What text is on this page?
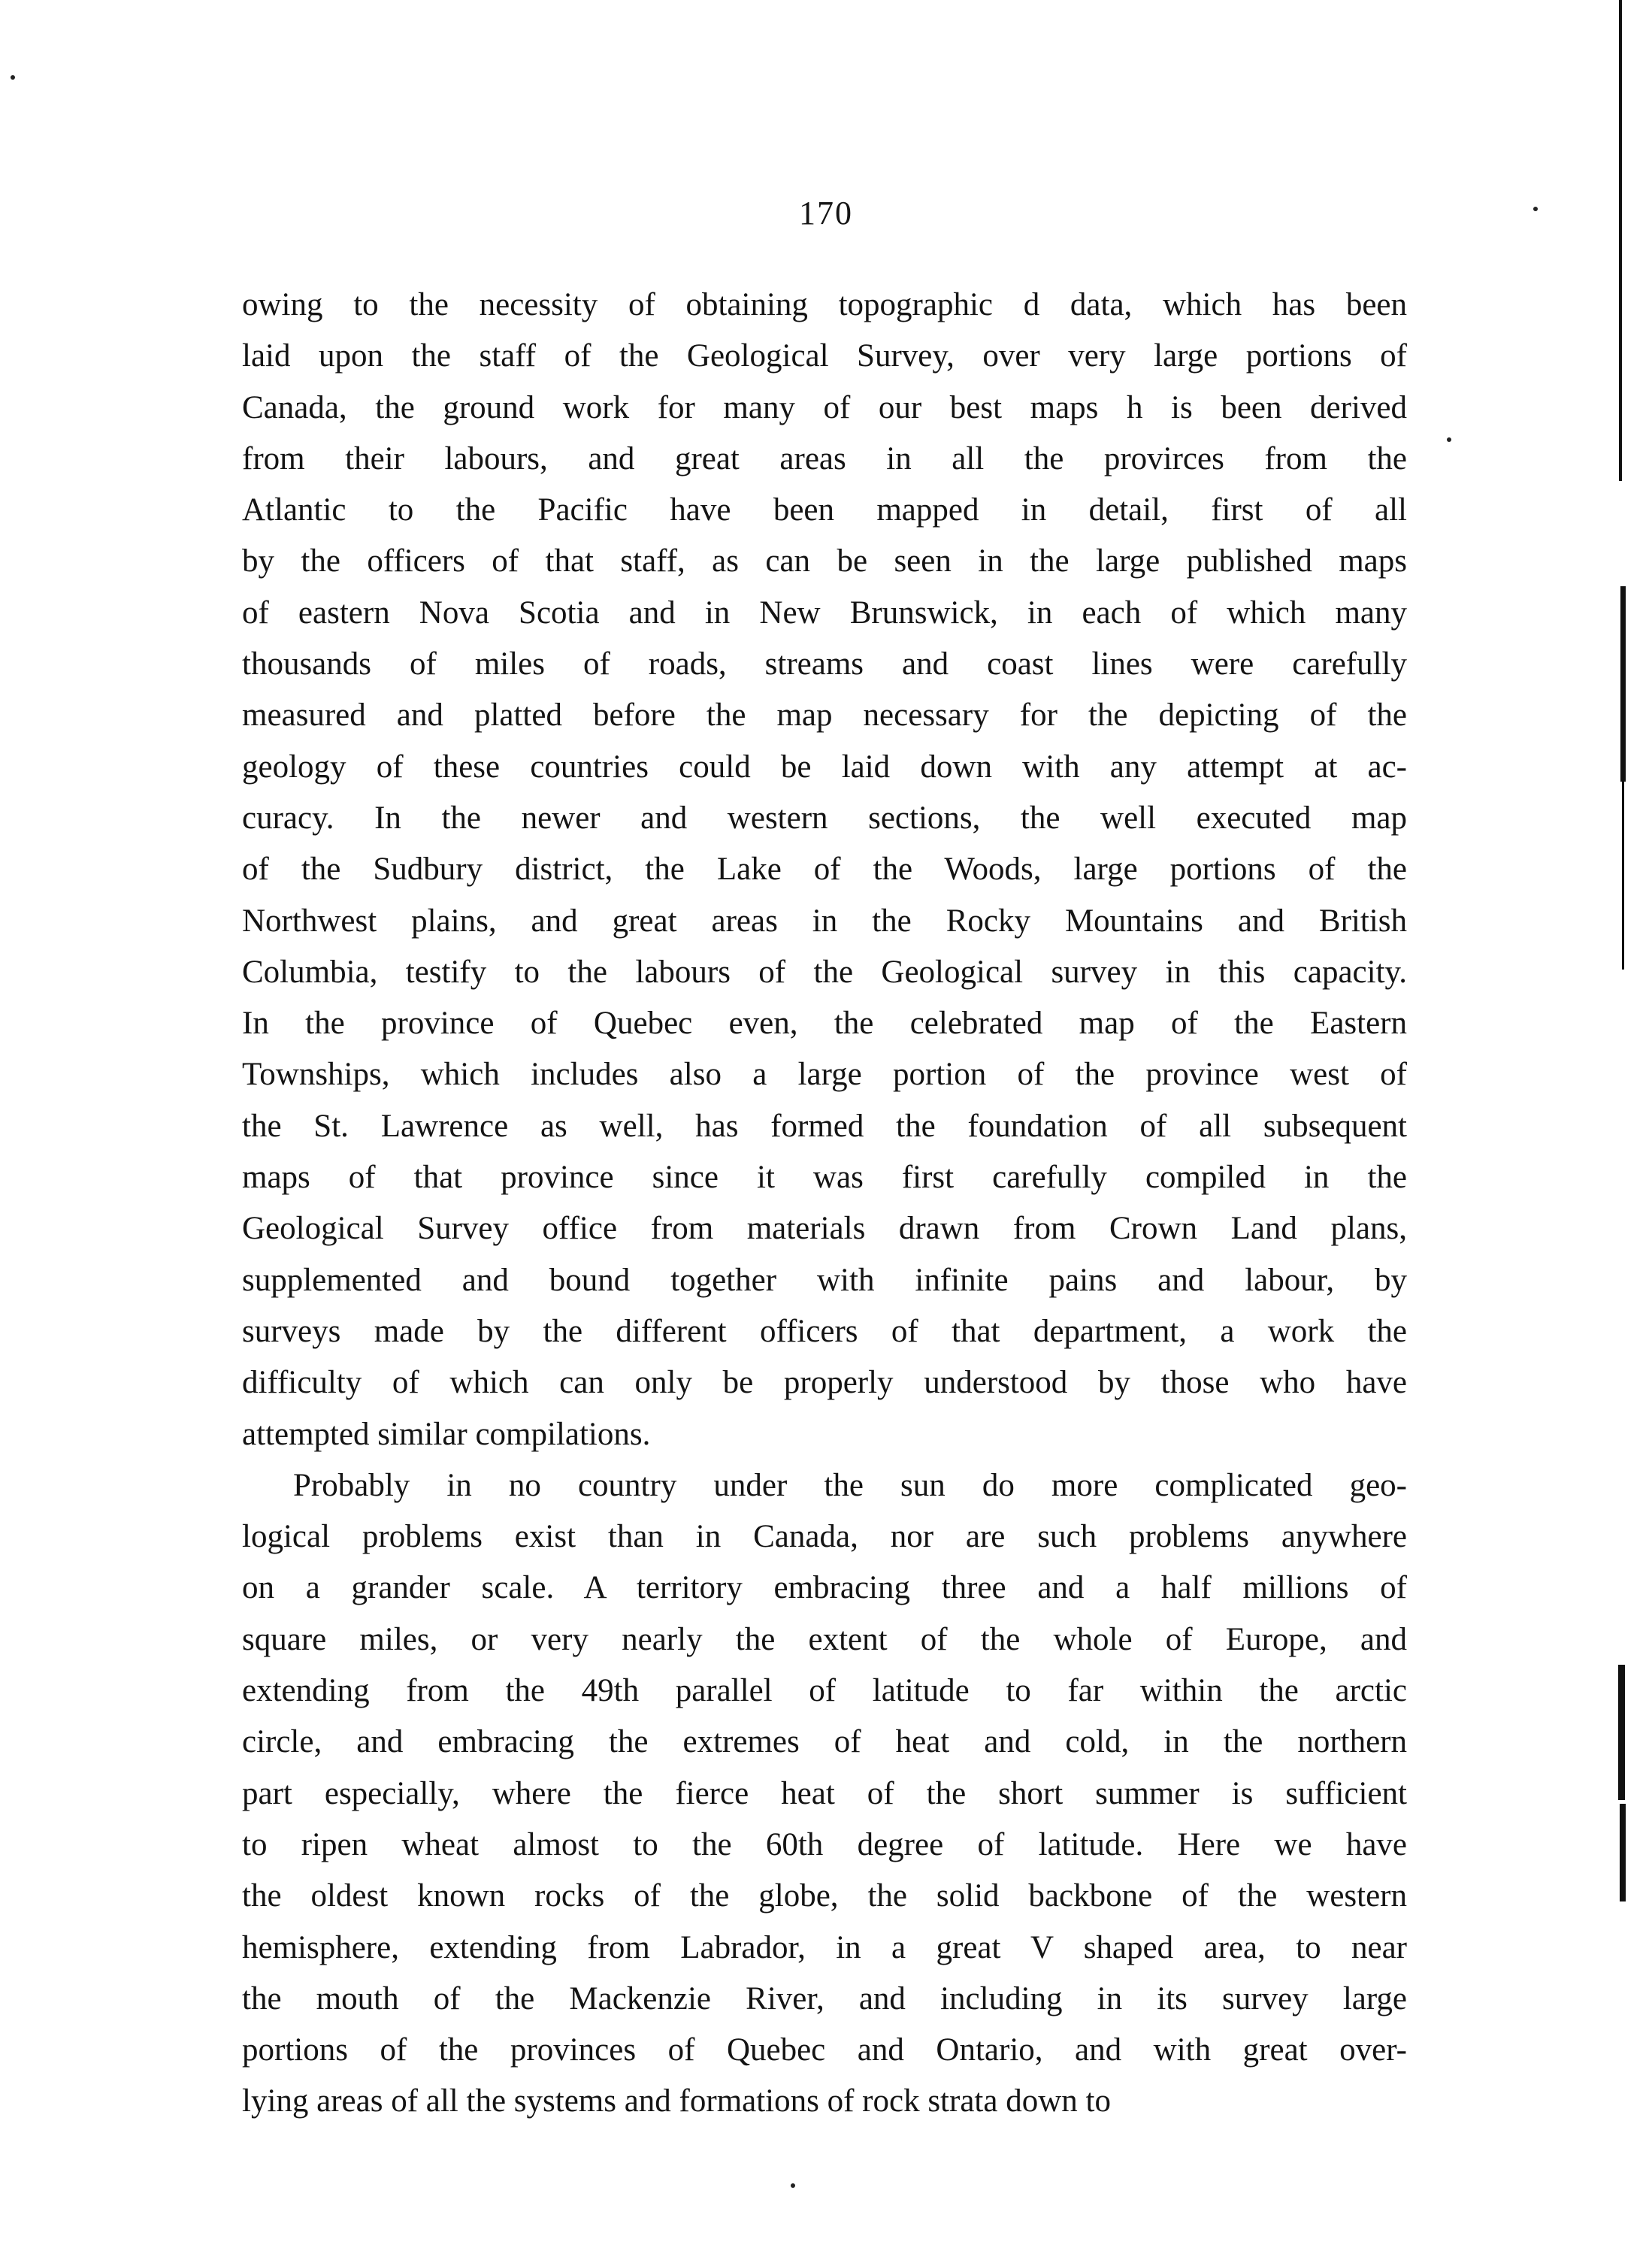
170

owing to the necessity of obtaining topographic d data, which has been
laid upon the staff of the Geological Survey, over very large portions of
Canada, the ground work for many of our best maps h is been derived
from their labours, and great areas in all the provirces from the
Atlantic to the Pacific have been mapped in detail, first of all
by the officers of that staff, as can be seen in the large published maps
of eastern Nova Scotia and in New Brunswick, in each of which many
thousands of miles of roads, streams and coast lines were carefully
measured and platted before the map necessary for the depicting of the
geology of these countries could be laid down with any attempt at ac-
curacy. In the newer and western sections, the well executed map
of the Sudbury district, the Lake of the Woods, large portions of the
Northwest plains, and great areas in the Rocky Mountains and British
Columbia, testify to the labours of the Geological survey in this capacity.
In the province of Quebec even, the celebrated map of the Eastern
Townships, which includes also a large portion of the province west of
the St. Lawrence as well, has formed the foundation of all subsequent
maps of that province since it was first carefully compiled in the
Geological Survey office from materials drawn from Crown Land plans,
supplemented and bound together with infinite pains and labour, by
surveys made by the different officers of that department, a work the
difficulty of which can only be properly understood by those who have
attempted similar compilations.

Probably in no country under the sun do more complicated geo-
logical problems exist than in Canada, nor are such problems anywhere
on a grander scale. A territory embracing three and a half millions of
square miles, or very nearly the extent of the whole of Europe, and
extending from the 49th parallel of latitude to far within the arctic
circle, and embracing the extremes of heat and cold, in the northern
part especially, where the fierce heat of the short summer is sufficient
to ripen wheat almost to the 60th degree of latitude. Here we have
the oldest known rocks of the globe, the solid backbone of the western
hemisphere, extending from Labrador, in a great V shaped area, to near
the mouth of the Mackenzie River, and including in its survey large
portions of the provinces of Quebec and Ontario, and with great over-
lying areas of all the systems and formations of rock strata down to
